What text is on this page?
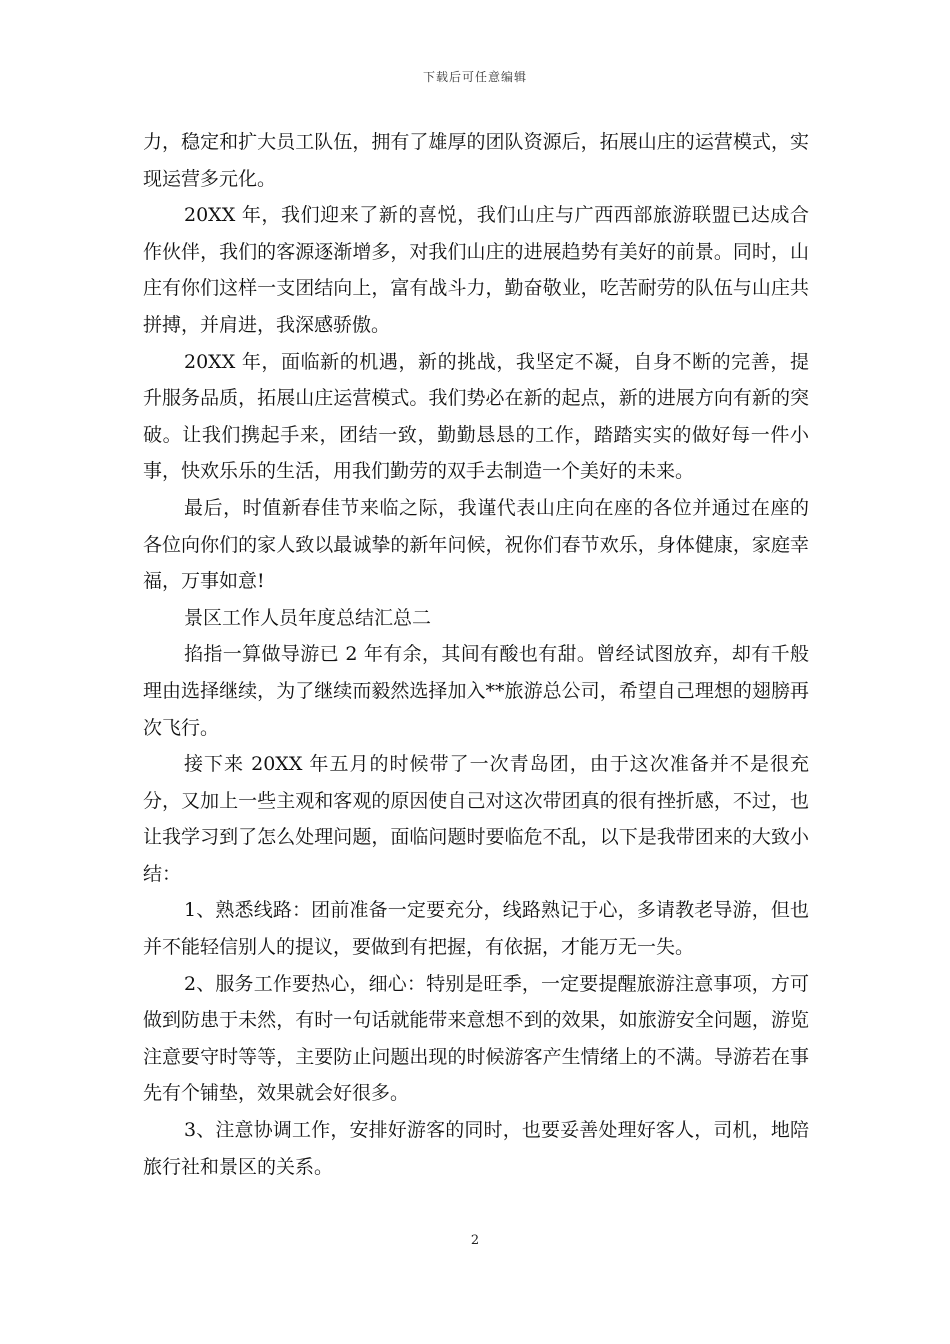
下载后可任意编辑

力，稳定和扩大员工队伍，拥有了雄厚的团队资源后，拓展山庄的运营模式，实现运营多元化。

20XX 年，我们迎来了新的喜悦，我们山庄与广西西部旅游联盟已达成合作伙伴，我们的客源逐渐增多，对我们山庄的进展趋势有美好的前景。同时，山庄有你们这样一支团结向上，富有战斗力，勤奋敬业，吃苦耐劳的队伍与山庄共拼搏，并肩进，我深感骄傲。

20XX 年，面临新的机遇，新的挑战，我坚定不凝，自身不断的完善，提升服务品质，拓展山庄运营模式。我们势必在新的起点，新的进展方向有新的突破。让我们携起手来，团结一致，勤勤恳恳的工作，踏踏实实的做好每一件小事，快欢乐乐的生活，用我们勤劳的双手去制造一个美好的未来。

最后，时值新春佳节来临之际，我谨代表山庄向在座的各位并通过在座的各位向你们的家人致以最诚挚的新年问候，祝你们春节欢乐，身体健康，家庭幸福，万事如意!

景区工作人员年度总结汇总二

掐指一算做导游已 2 年有余，其间有酸也有甜。曾经试图放弃，却有千般理由选择继续，为了继续而毅然选择加入**旅游总公司，希望自己理想的翅膀再次飞行。

接下来 20XX 年五月的时候带了一次青岛团，由于这次准备并不是很充分，又加上一些主观和客观的原因使自己对这次带团真的很有挫折感，不过，也让我学习到了怎么处理问题，面临问题时要临危不乱，以下是我带团来的大致小结：

1、熟悉线路：团前准备一定要充分，线路熟记于心，多请教老导游，但也并不能轻信别人的提议，要做到有把握，有依据，才能万无一失。

2、服务工作要热心，细心：特别是旺季，一定要提醒旅游注意事项，方可做到防患于未然，有时一句话就能带来意想不到的效果，如旅游安全问题，游览注意要守时等等，主要防止问题出现的时候游客产生情绪上的不满。导游若在事先有个铺垫，效果就会好很多。

3、注意协调工作，安排好游客的同时，也要妥善处理好客人，司机，地陪旅行社和景区的关系。

2
